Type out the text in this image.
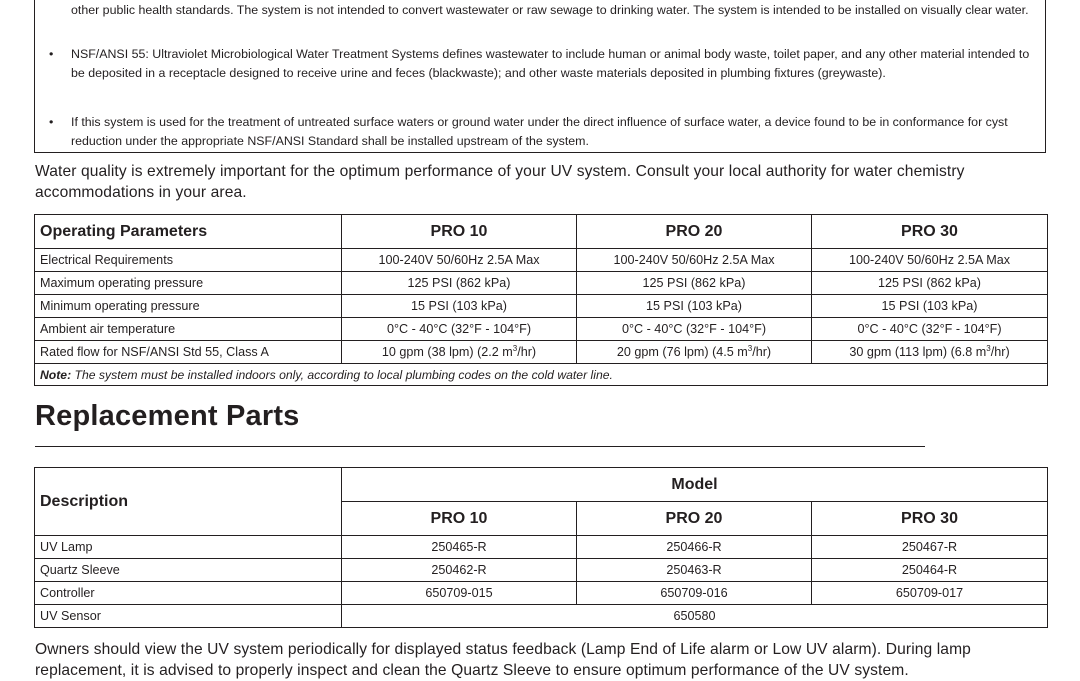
other public health standards. The system is not intended to convert wastewater or raw sewage to drinking water. The system is intended to be installed on visually clear water.
• NSF/ANSI 55: Ultraviolet Microbiological Water Treatment Systems defines wastewater to include human or animal body waste, toilet paper, and any other material intended to be deposited in a receptacle designed to receive urine and feces (blackwaste); and other waste materials deposited in plumbing fixtures (greywaste).
• If this system is used for the treatment of untreated surface waters or ground water under the direct influence of surface water, a device found to be in conformance for cyst reduction under the appropriate NSF/ANSI Standard shall be installed upstream of the system.
Water quality is extremely important for the optimum performance of your UV system. Consult your local authority for water chemistry accommodations in your area.
Operating Parameters	PRO 10	PRO 20	PRO 30
Electrical Requirements	100-240V 50/60Hz 2.5A Max	100-240V 50/60Hz 2.5A Max	100-240V 50/60Hz 2.5A Max
Maximum operating pressure	125 PSI (862 kPa)	125 PSI (862 kPa)	125 PSI (862 kPa)
Minimum operating pressure	15 PSI (103 kPa)	15 PSI (103 kPa)	15 PSI (103 kPa)
Ambient air temperature	0°C - 40°C (32°F - 104°F)	0°C - 40°C (32°F - 104°F)	0°C - 40°C (32°F - 104°F)
Rated flow for NSF/ANSI Std 55, Class A	10 gpm (38 lpm) (2.2 $m^3/hr$)	20 gpm (76 lpm) (4.5 $m^3/hr$)	30 gpm (113 lpm) (6.8 $m^3/hr$)
Note: The system must be installed indoors only, according to local plumbing codes on the cold water line.			
Replacement Parts
Description	Model		
	PRO 10	PRO 20	PRO 30
UV Lamp	250465-R	250466-R	250467-R
Quartz Sleeve	250462-R	250463-R	250464-R
Controller	650709-015	650709-016	650709-017
UV Sensor	650580		
Owners should view the UV system periodically for displayed status feedback (Lamp End of Life alarm or Low UV alarm). During lamp replacement, it is advised to properly inspect and clean the Quartz Sleeve to ensure optimum performance of the UV system.
